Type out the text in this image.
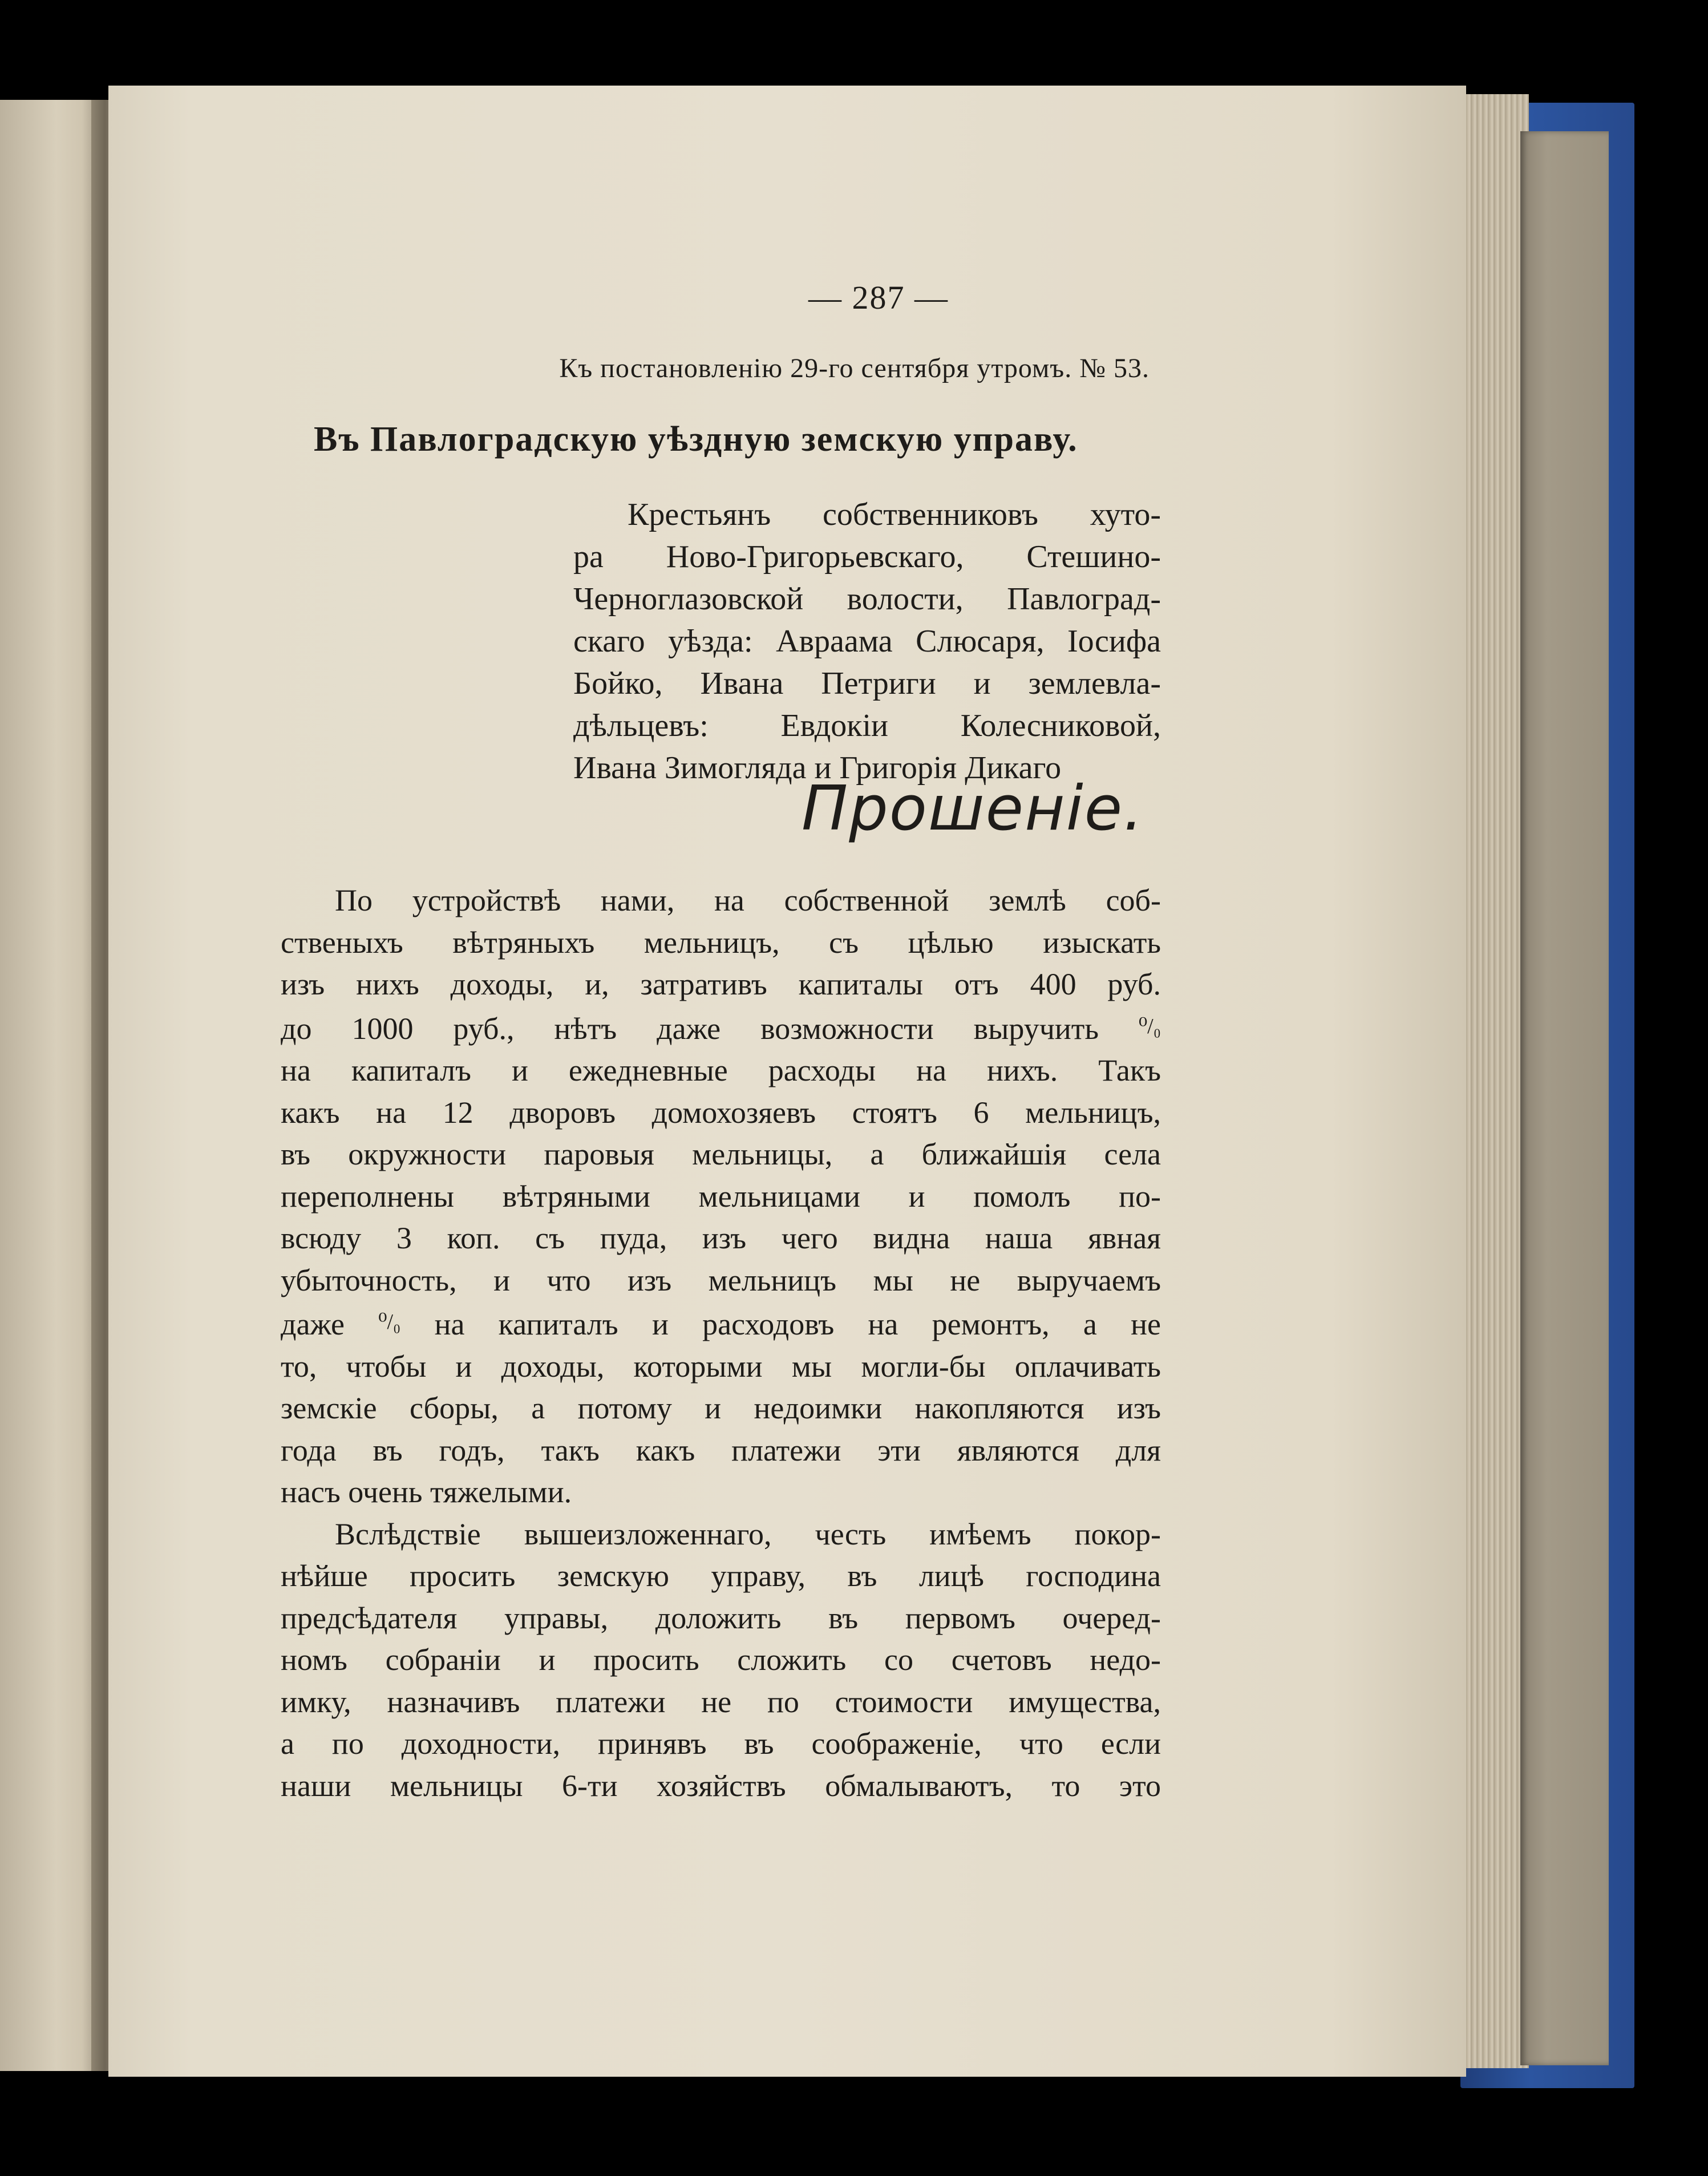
— 287 —
Къ постановленію 29-го сентября утромъ. № 53.
Въ Павлоградскую уѣздную земскую управу.
Крестьянъ собственниковъ хуто-
ра Ново-Григорьевскаго, Стешино-
Черноглазовской волости, Павлоград-
скаго уѣзда: Авраама Слюсаря, Іосифа
Бойко, Ивана Петриги и землевла-
дѣльцевъ: Евдокіи Колесниковой,
Ивана Зимогляда и Григорія Дикаго
Прошеніе.

По устройствѣ нами, на собственной землѣ соб-
ственыхъ вѣтряныхъ мельницъ, съ цѣлью изыскать
изъ нихъ доходы, и, затративъ капиталы отъ 400 руб.
до 1000 руб., нѣтъ даже возможности выручить ⁰/₀
на капиталъ и ежедневные расходы на нихъ. Такъ
какъ на 12 дворовъ домохозяевъ стоятъ 6 мельницъ,
въ окружности паровыя мельницы, а ближайшія села
переполнены вѣтряными мельницами и помолъ по-
всюду 3 коп. съ пуда, изъ чего видна наша явная
убыточность, и что изъ мельницъ мы не выручаемъ
даже ⁰/₀ на капиталъ и расходовъ на ремонтъ, а не
то, чтобы и доходы, которыми мы могли-бы оплачивать
земскіе сборы, а потому и недоимки накопляются изъ
года въ годъ, такъ какъ платежи эти являются для
насъ очень тяжелыми.

Вслѣдствіе вышеизложеннаго, честь имѣемъ покор-
нѣйше просить земскую управу, въ лицѣ господина
предсѣдателя управы, доложить въ первомъ очеред-
номъ собраніи и просить сложить со счетовъ недо-
имку, назначивъ платежи не по стоимости имущества,
а по доходности, принявъ въ соображеніе, что если
наши мельницы 6-ти хозяйствъ обмалываютъ, то это
